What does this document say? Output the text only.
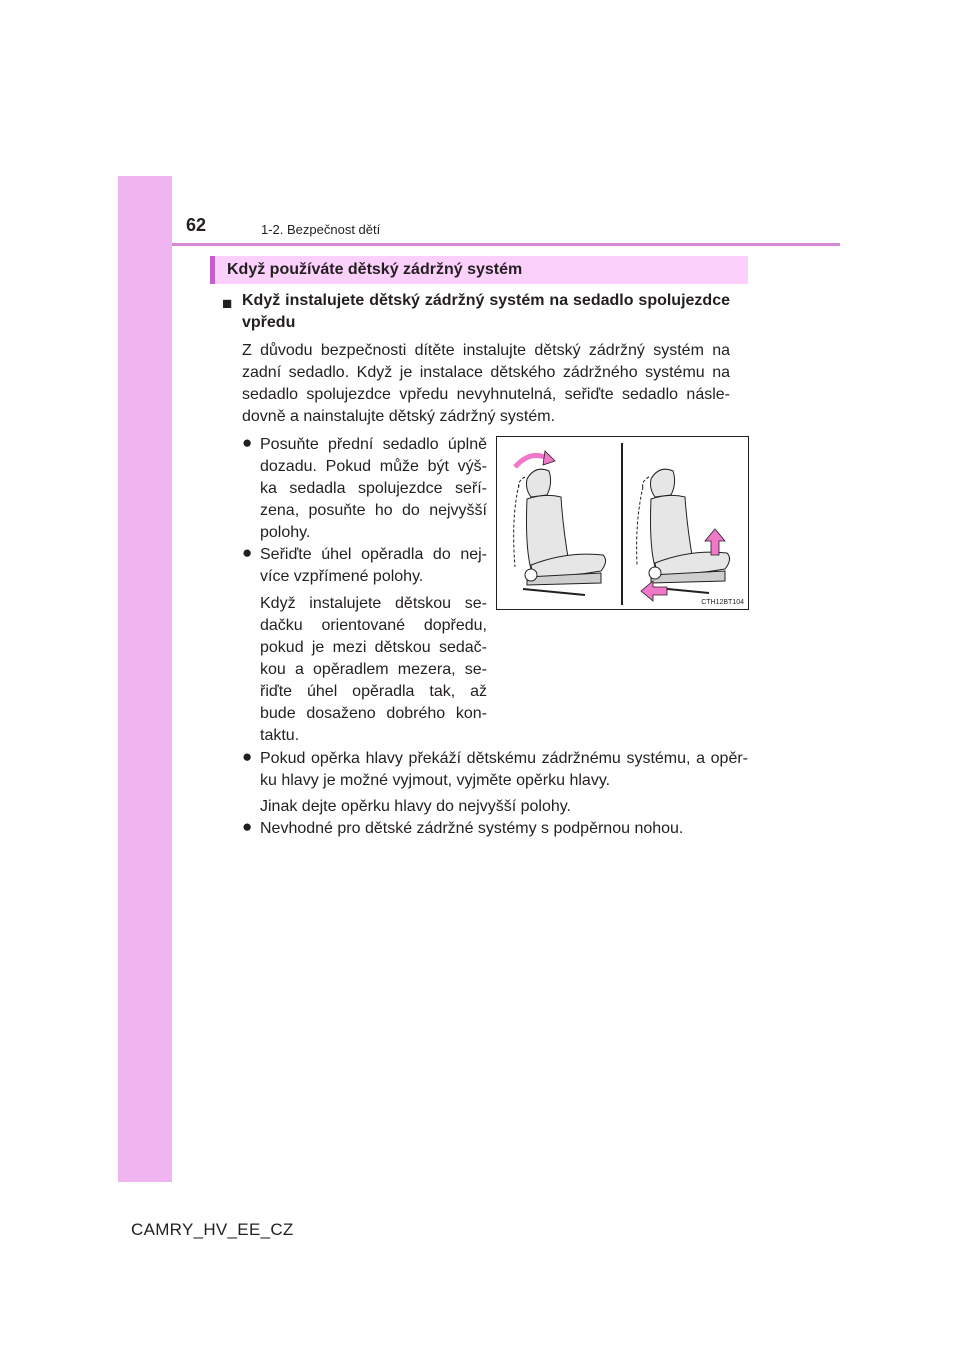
62	1-2. Bezpečnost dětí
Když používáte dětský zádržný systém
■ Když instalujete dětský zádržný systém na sedadlo spolujezdce
vpředu
Z důvodu bezpečnosti dítěte instalujte dětský zádržný systém na
zadní sedadlo. Když je instalace dětského zádržného systému na
sedadlo spolujezdce vpředu nevyhnutelná, seřiďte sedadlo násle-
dovně a nainstalujte dětský zádržný systém.
● Posuňte přední sedadlo úplně
dozadu. Pokud může být výš-
ka sedadla spolujezdce seří-
zena, posuňte ho do nejvyšší
polohy.
● Seřiďte úhel opěradla do nej-
více vzpřímené polohy.
Když instalujete dětskou se-
dačku orientované dopředu,
pokud je mezi dětskou sedač-
kou a opěradlem mezera, se-
řiďte úhel opěradla tak, až
bude dosaženo dobrého kon-
taktu.
● Pokud opěrka hlavy překáží dětskému zádržnému systému, a opěr-
ku hlavy je možné vyjmout, vyjměte opěrku hlavy.
Jinak dejte opěrku hlavy do nejvyšší polohy.
● Nevhodné pro dětské zádržné systémy s podpěrnou nohou.
CTH12BT104
CAMRY_HV_EE_CZ
